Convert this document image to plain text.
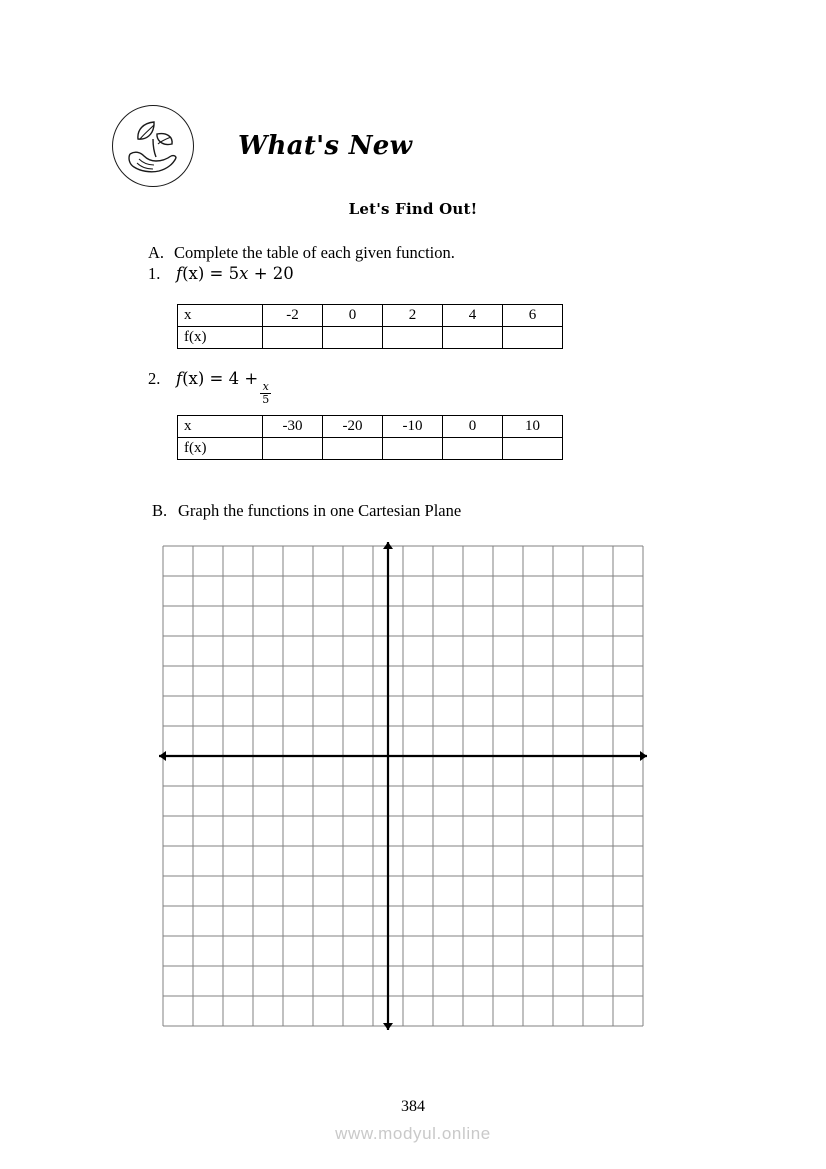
What's New
Let's Find Out!
A. Complete the table of each given function.
1. f(x) = 5x + 20
x	-2	0	2	4	6
f(x)					
2. f(x) = 4 +
$\frac{x}{5}$
x	-30	-20	-10	0	10
f(x)					
B. Graph the functions in one Cartesian Plane
384
www.modyul.online
